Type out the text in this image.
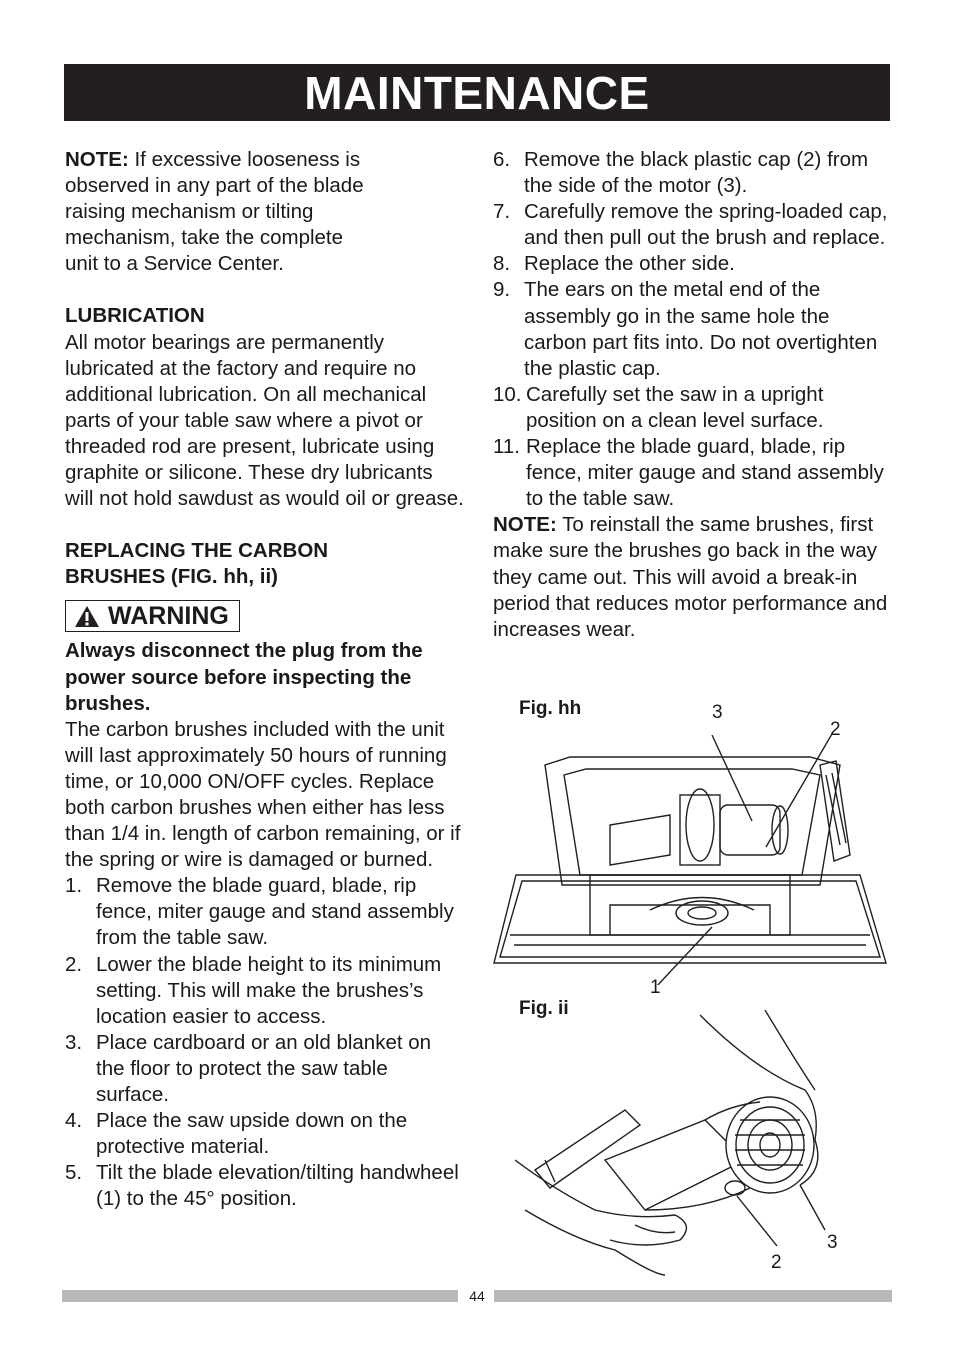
MAINTENANCE

NOTE: If excessive looseness is observed in any part of the blade raising mechanism or tilting mechanism, take the complete unit to a Service Center.

LUBRICATION

All motor bearings are permanently lubricated at the factory and require no additional lubrication. On all mechanical parts of your table saw where a pivot or threaded rod are present, lubricate using graphite or silicone. These dry lubricants will not hold sawdust as would oil or grease.

REPLACING THE CARBON BRUSHES (FIG. hh, ii)

WARNING

Always disconnect the plug from the power source before inspecting the brushes.

The carbon brushes included with the unit will last approximately 50 hours of running time, or 10,000 ON/OFF cycles. Replace both carbon brushes when either has less than 1/4 in. length of carbon remaining, or if the spring or wire is damaged or burned.

1. Remove the blade guard, blade, rip fence, miter gauge and stand assembly from the table saw.
2. Lower the blade height to its minimum setting. This will make the brushes’s location easier to access.
3. Place cardboard or an old blanket on the floor to protect the saw table surface.
4. Place the saw upside down on the protective material.
5. Tilt the blade elevation/tilting handwheel (1) to the 45° position.
6. Remove the black plastic cap (2) from the side of the motor (3).
7. Carefully remove the spring-loaded cap, and then pull out the brush and replace.
8. Replace the other side.
9. The ears on the metal end of the assembly go in the same hole the carbon part fits into. Do not overtighten the plastic cap.
10. Carefully set the saw in a upright position on a clean level surface.
11. Replace the blade guard, blade, rip fence, miter gauge and stand assembly to the table saw.

NOTE: To reinstall the same brushes, first make sure the brushes go back in the way they came out. This will avoid a break-in period that reduces motor performance and increases wear.

Fig. hh	3
2
1
Fig. ii
3
2
44
